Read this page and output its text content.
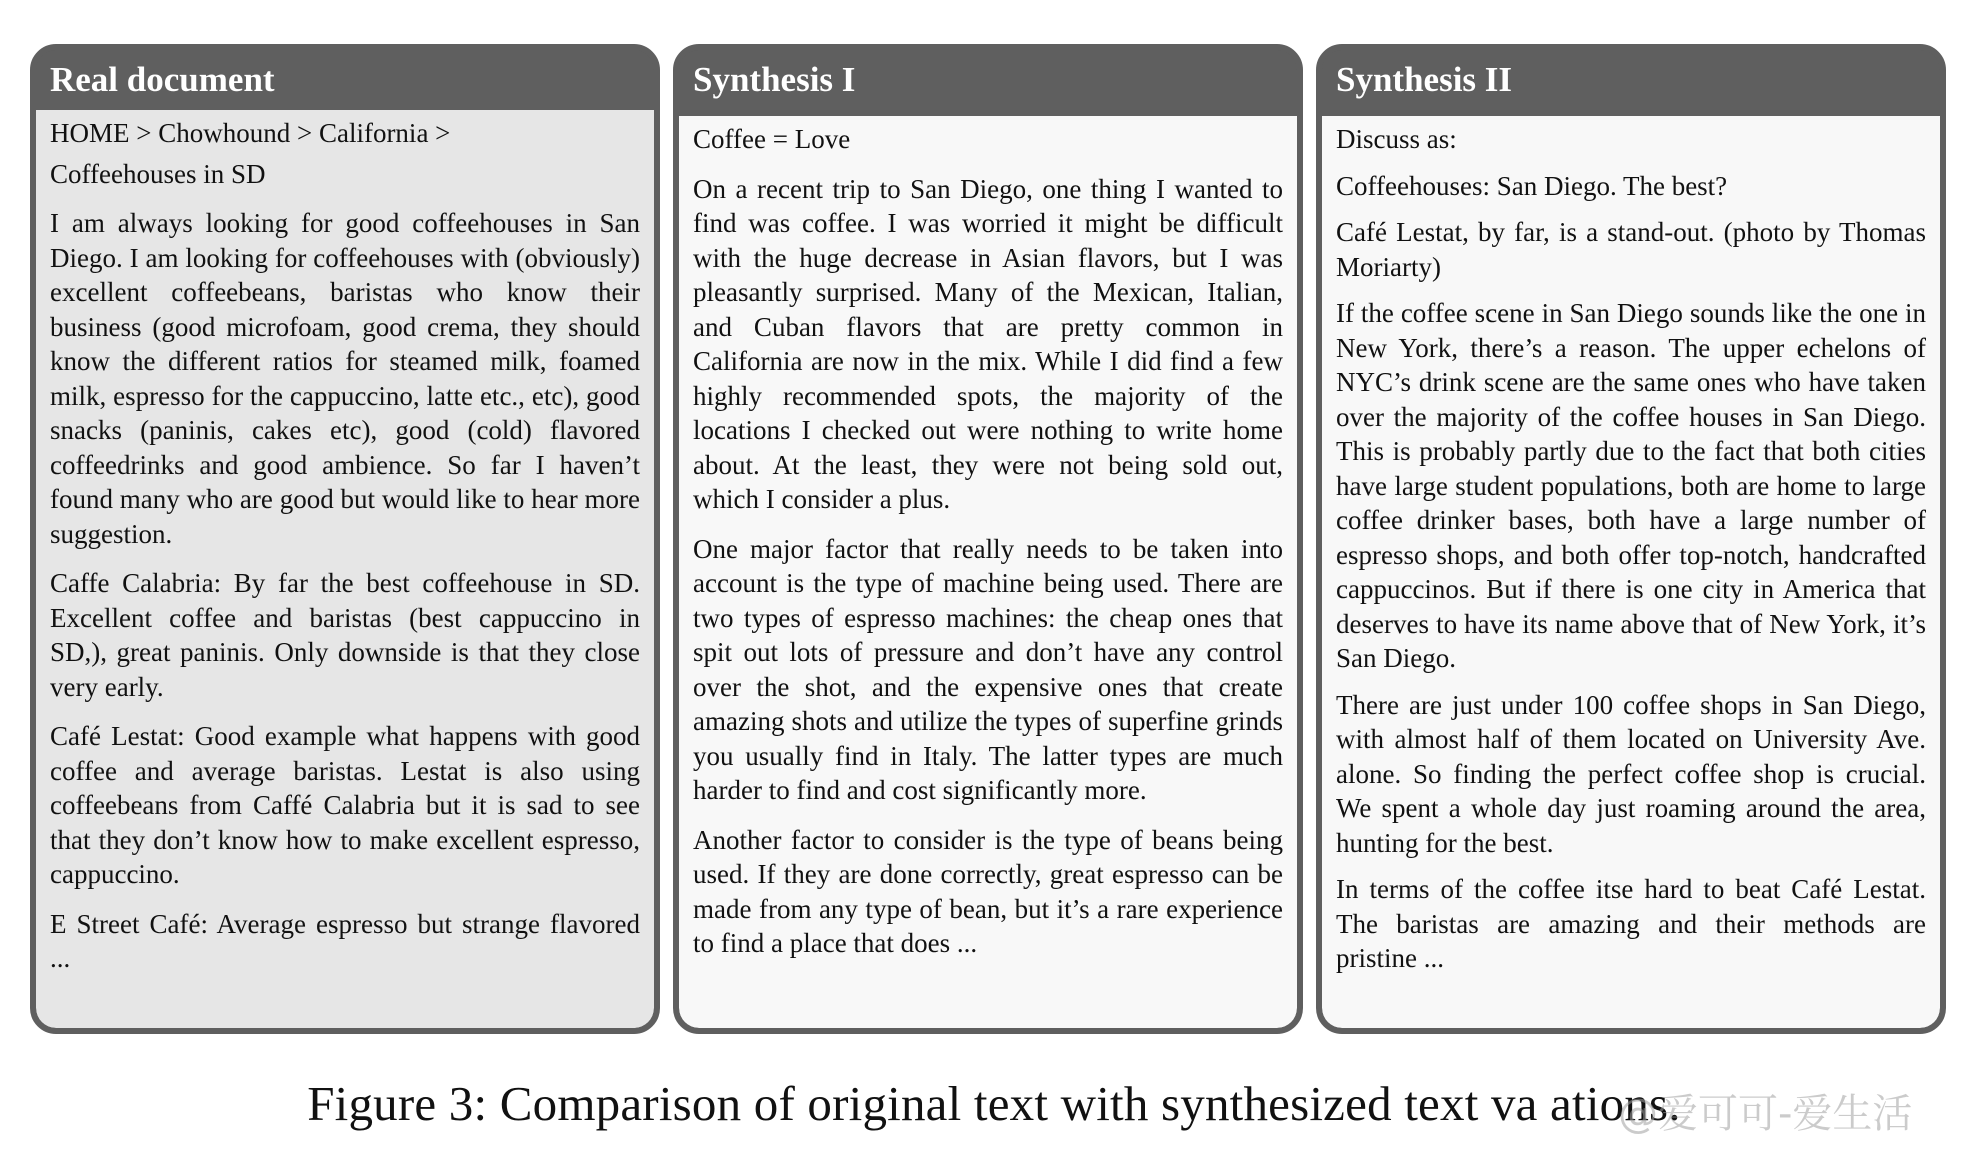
Real document

HOME > Chowhound > California >

Coffeehouses in SD

I am always looking for good coffeehouses in San Diego. I am looking for coffeehouses with (obviously) excellent coffeebeans, baristas who know their business (good microfoam, good crema, they should know the different ratios for steamed milk, foamed milk, espresso for the cappuccino, latte etc., etc), good snacks (paninis, cakes etc), good (cold) flavored coffeedrinks and good ambience. So far I haven’t found many who are good but would like to hear more suggestion.

Caffe Calabria: By far the best coffeehouse in SD. Excellent coffee and baristas (best cappuccino in SD,), great paninis. Only downside is that they close very early.

Café Lestat: Good example what happens with good coffee and average baristas. Lestat is also using coffeebeans from Caffé Calabria but it is sad to see that they don’t know how to make excellent espresso, cappuccino.

E Street Café: Average espresso but strange flavored ...

Synthesis I

Coffee = Love

On a recent trip to San Diego, one thing I wanted to find was coffee. I was worried it might be difficult with the huge decrease in Asian flavors, but I was pleasantly surprised. Many of the Mexican, Italian, and Cuban flavors that are pretty common in California are now in the mix. While I did find a few highly recommended spots, the majority of the locations I checked out were nothing to write home about. At the least, they were not being sold out, which I consider a plus.

One major factor that really needs to be taken into account is the type of machine being used. There are two types of espresso machines: the cheap ones that spit out lots of pressure and don’t have any control over the shot, and the expensive ones that create amazing shots and utilize the types of superfine grinds you usually find in Italy. The latter types are much harder to find and cost significantly more.

Another factor to consider is the type of beans being used. If they are done correctly, great espresso can be made from any type of bean, but it’s a rare experience to find a place that does ...

Synthesis II

Discuss as:

Coffeehouses: San Diego. The best?

Café Lestat, by far, is a stand-out. (photo by Thomas Moriarty)

If the coffee scene in San Diego sounds like the one in New York, there’s a reason. The upper echelons of NYC’s drink scene are the same ones who have taken over the majority of the coffee houses in San Diego. This is probably partly due to the fact that both cities have large student populations, both are home to large coffee drinker bases, both have a large number of espresso shops, and both offer top-notch, handcrafted cappuccinos. But if there is one city in America that deserves to have its name above that of New York, it’s San Diego.

There are just under 100 coffee shops in San Diego, with almost half of them located on University Ave. alone. So finding the perfect coffee shop is crucial. We spent a whole day just roaming around the area, hunting for the best.

In terms of the coffee itse hard to beat Café Lestat. The baristas are amazing and their methods are pristine ...

Figure 3: Comparison of original text with synthesized text va ations.
@爱可可-爱生活
